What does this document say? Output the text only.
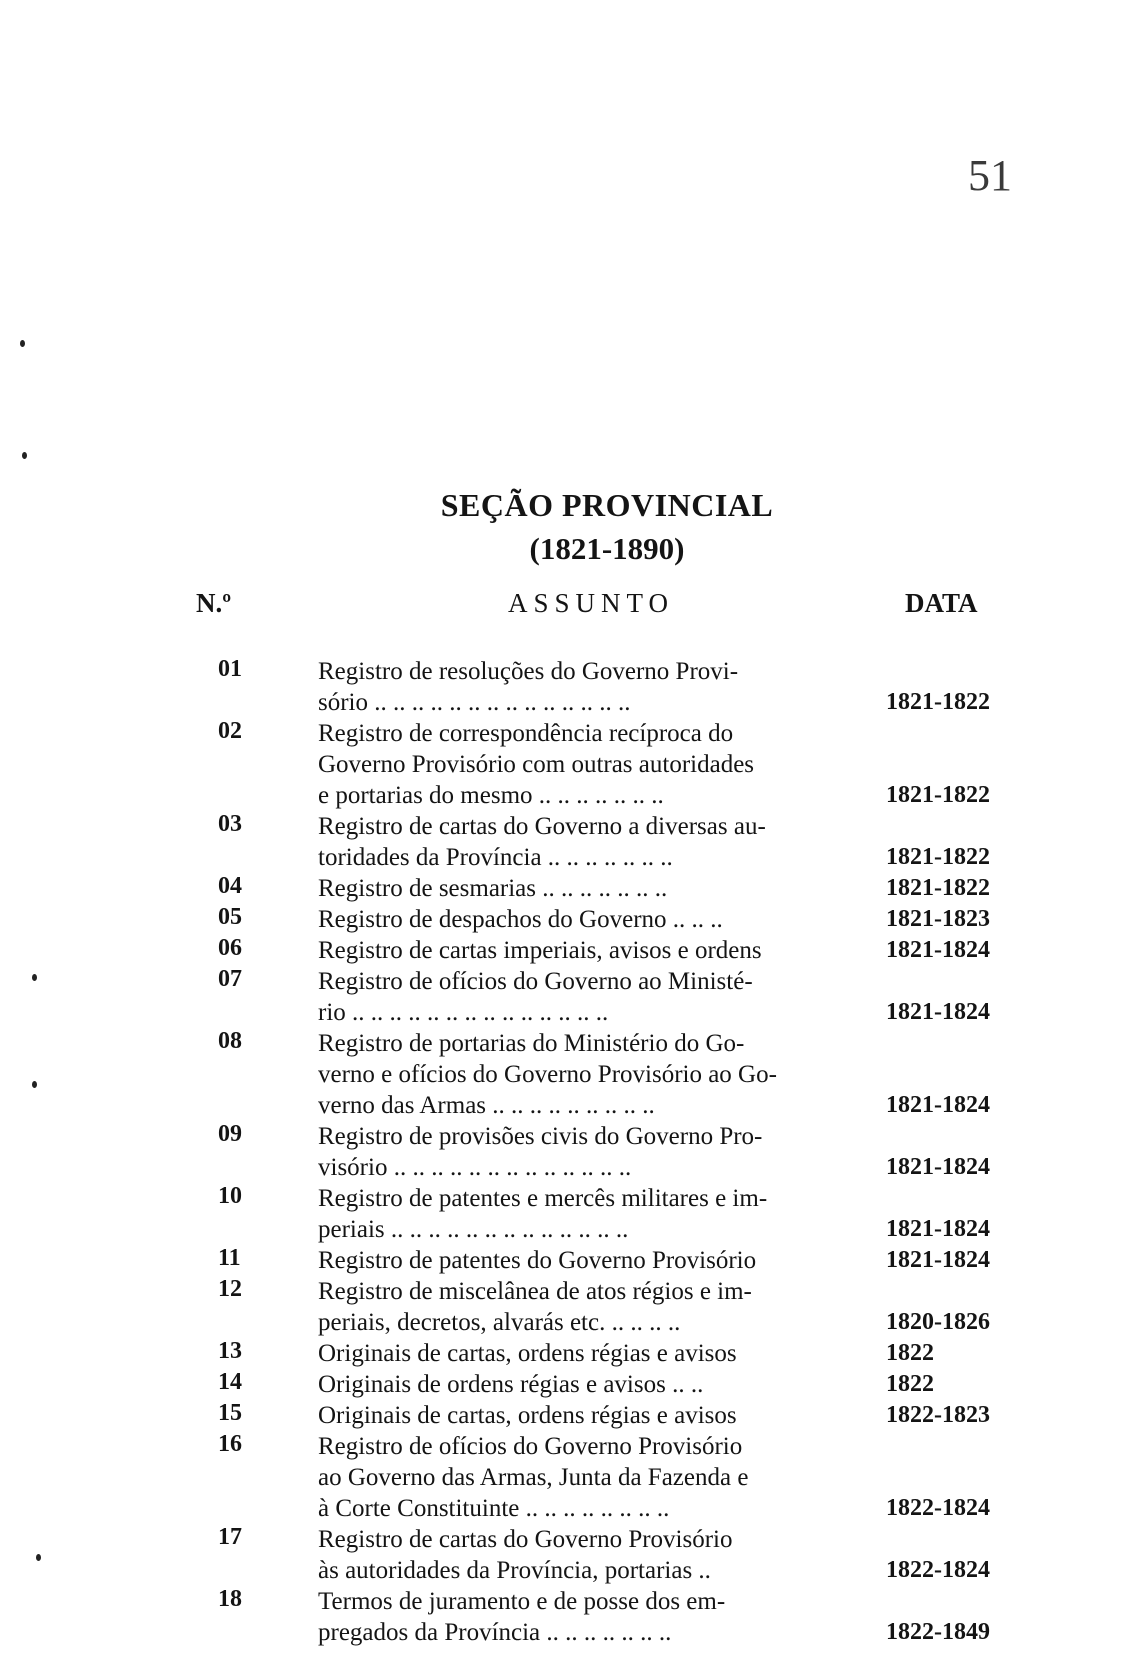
51
SEÇÃO PROVINCIAL
(1821-1890)
N.º	ASSUNTO	DATA
01	Registro de resoluções do Governo Provi-
sório .. .. .. .. .. .. .. .. .. .. .. .. .. ..	1821-1822
02	Registro de correspondência recíproca do
Governo Provisório com outras autoridades
e portarias do mesmo .. .. .. .. .. .. ..	1821-1822
03	Registro de cartas do Governo a diversas au-
toridades da Província .. .. .. .. .. .. ..	1821-1822
04	Registro de sesmarias .. .. .. .. .. .. ..	1821-1822
05	Registro de despachos do Governo .. .. ..	1821-1823
06	Registro de cartas imperiais, avisos e ordens	1821-1824
07	Registro de ofícios do Governo ao Ministé-
rio .. .. .. .. .. .. .. .. .. .. .. .. .. ..	1821-1824
08	Registro de portarias do Ministério do Go-
verno e ofícios do Governo Provisório ao Go-
verno das Armas .. .. .. .. .. .. .. .. ..	1821-1824
09	Registro de provisões civis do Governo Pro-
visório .. .. .. .. .. .. .. .. .. .. .. .. ..	1821-1824
10	Registro de patentes e mercês militares e im-
periais .. .. .. .. .. .. .. .. .. .. .. .. ..	1821-1824
11	Registro de patentes do Governo Provisório	1821-1824
12	Registro de miscelânea de atos régios e im-
periais, decretos, alvarás etc. .. .. .. ..	1820-1826
13	Originais de cartas, ordens régias e avisos	1822
14	Originais de ordens régias e avisos .. ..	1822
15	Originais de cartas, ordens régias e avisos	1822-1823
16	Registro de ofícios do Governo Provisório
ao Governo das Armas, Junta da Fazenda e
à Corte Constituinte .. .. .. .. .. .. .. ..	1822-1824
17	Registro de cartas do Governo Provisório
às autoridades da Província, portarias ..	1822-1824
18	Termos de juramento e de posse dos em-
pregados da Província .. .. .. .. .. .. ..	1822-1849
